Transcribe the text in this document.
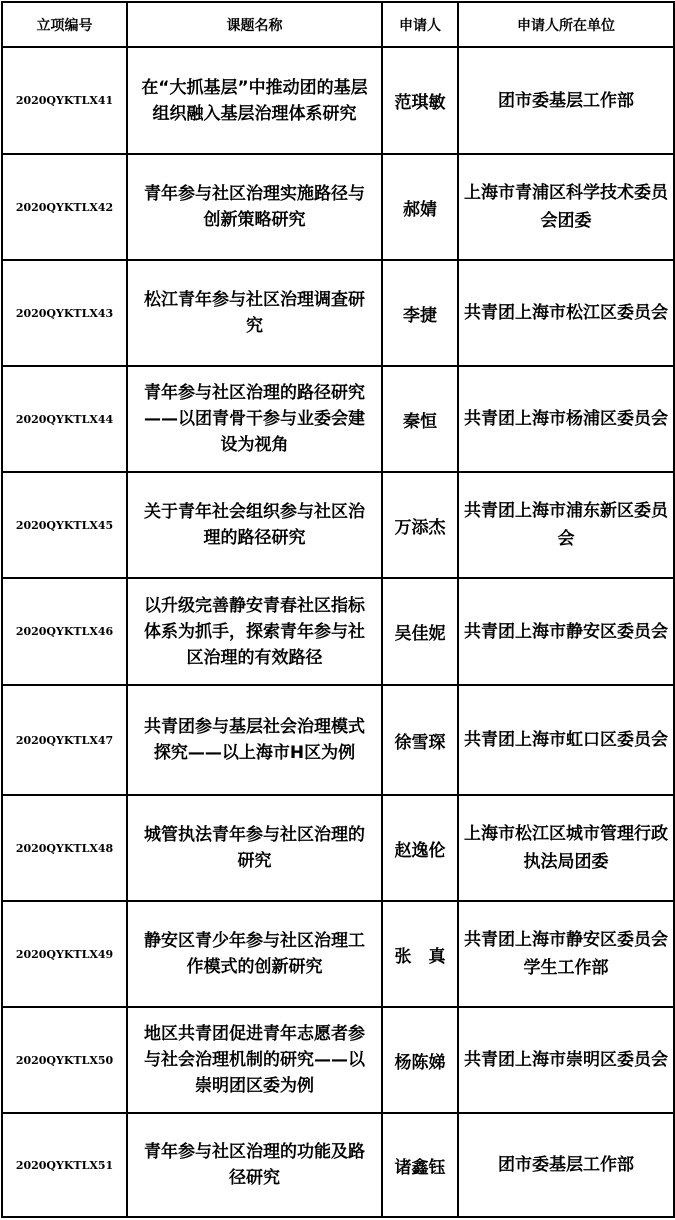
立项编号	课题名称	申请人	申请人所在单位
2020QYKTLX41	在“大抓基层”中推动团的基层组织融入基层治理体系研究	范琪敏	团市委基层工作部

2020QYKTLX42	青年参与社区治理实施路径与创新策略研究	郝婧	上海市青浦区科学技术委员会团委

2020QYKTLX43	松江青年参与社区治理调查研究	李捷	共青团上海市松江区委员会

2020QYKTLX44	青年参与社区治理的路径研究——以团青骨干参与业委会建设为视角	秦恒	共青团上海市杨浦区委员会

2020QYKTLX45	关于青年社会组织参与社区治理的路径研究	万添杰	共青团上海市浦东新区委员会

2020QYKTLX46	以升级完善静安青春社区指标体系为抓手，探索青年参与社区治理的有效路径	吴佳妮	共青团上海市静安区委员会

2020QYKTLX47	共青团参与基层社会治理模式探究——以上海市H区为例	徐雪琛	共青团上海市虹口区委员会

2020QYKTLX48	城管执法青年参与社区治理的研究	赵逸伦	上海市松江区城市管理行政执法局团委

2020QYKTLX49	静安区青少年参与社区治理工作模式的创新研究	张　真	共青团上海市静安区委员会学生工作部

2020QYKTLX50	地区共青团促进青年志愿者参与社会治理机制的研究——以崇明团区委为例	杨陈娣	共青团上海市崇明区委员会

2020QYKTLX51	青年参与社区治理的功能及路径研究	诸鑫钰	团市委基层工作部
